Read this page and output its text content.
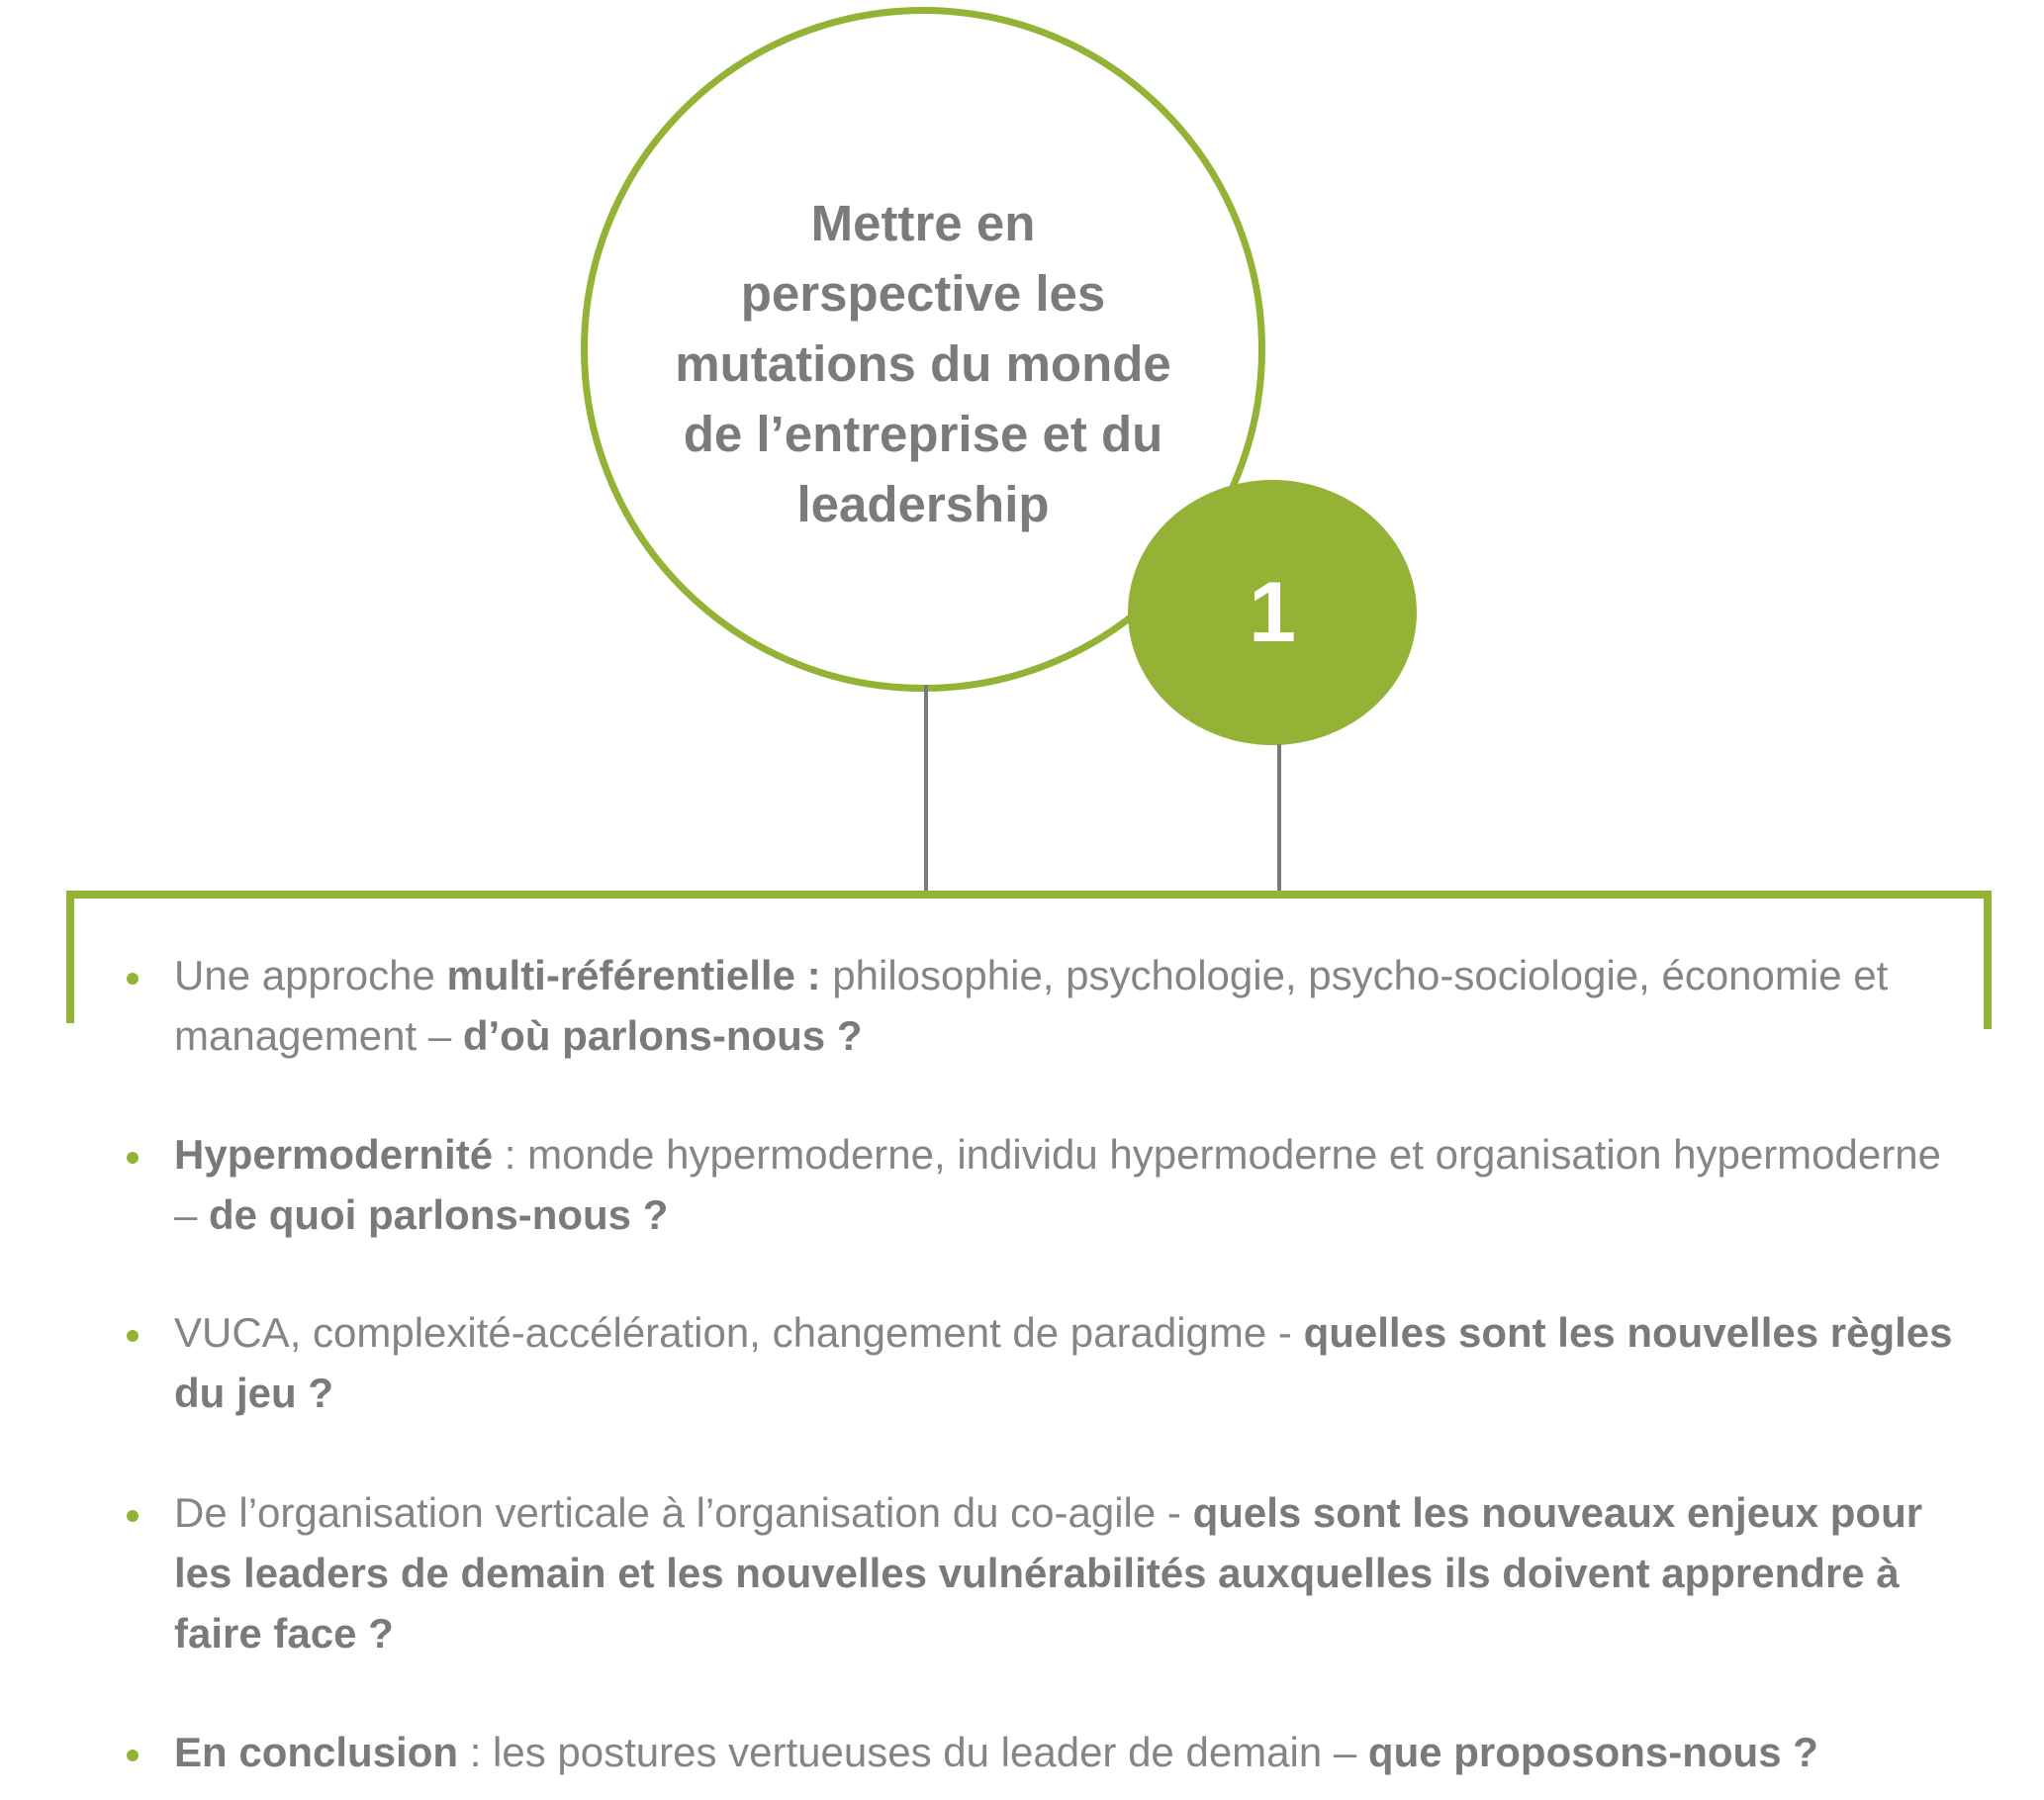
Mettre en
perspective les
mutations du monde
de l’entreprise et du
leadership
1
Une approche multi-référentielle : philosophie, psychologie, psycho-sociologie, économie et management – d’où parlons-nous ?
Hypermodernité : monde hypermoderne, individu hypermoderne et organisation hypermoderne – de quoi parlons-nous ?
VUCA, complexité-accélération, changement de paradigme - quelles sont les nouvelles règles du jeu ?
De l’organisation verticale à l’organisation du co-agile - quels sont les nouveaux enjeux pour les leaders de demain et les nouvelles vulnérabilités auxquelles ils doivent apprendre à faire face ?
En conclusion : les postures vertueuses du leader de demain – que proposons-nous ?
